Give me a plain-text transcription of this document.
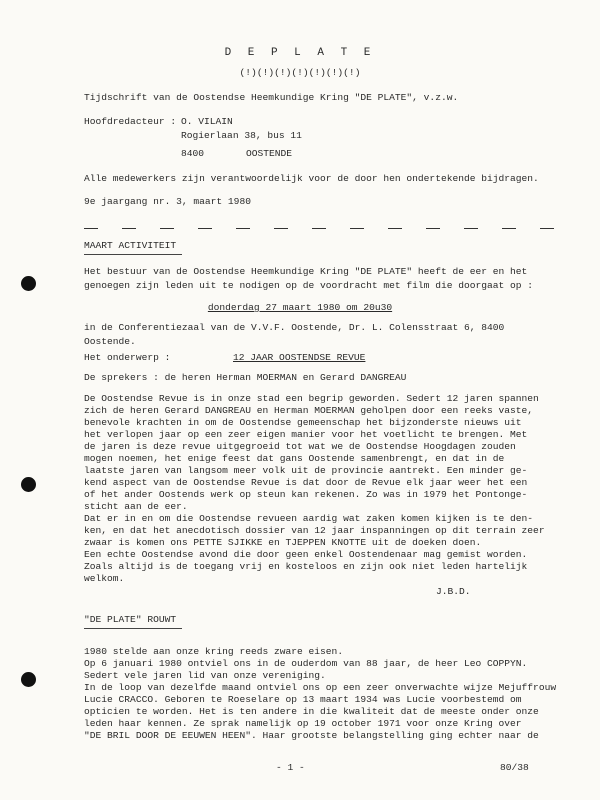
D E P L A T E
(!)(!)(!)(!)(!)(!)(!)
Tijdschrift van de Oostendse Heemkundige Kring "DE PLATE", v.z.w.
Hoofdredacteur : O. VILAIN
Rogierlaan 38, bus 11
8400	OOSTENDE
Alle medewerkers zijn verantwoordelijk voor de door hen ondertekende bijdragen.
9e jaargang nr. 3, maart 1980
MAART ACTIVITEIT
Het bestuur van de Oostendse Heemkundige Kring "DE PLATE" heeft de eer en het
genoegen zijn leden uit te nodigen op de voordracht met film die doorgaat op :
donderdag 27 maart 1980 om 20u30
in de Conferentiezaal van de V.V.F. Oostende, Dr. L. Colensstraat 6, 8400
Oostende.
Het onderwerp :	12 JAAR OOSTENDSE REVUE
De sprekers : de heren Herman MOERMAN en Gerard DANGREAU
De Oostendse Revue is in onze stad een begrip geworden. Sedert 12 jaren spannen
zich de heren Gerard DANGREAU en Herman MOERMAN geholpen door een reeks vaste,
benevole krachten in om de Oostendse gemeenschap het bijzonderste nieuws uit
het verlopen jaar op een zeer eigen manier voor het voetlicht te brengen. Met
de jaren is deze revue uitgegroeid tot wat we de Oostendse Hoogdagen zouden
mogen noemen, het enige feest dat gans Oostende samenbrengt, en dat in de
laatste jaren van langsom meer volk uit de provincie aantrekt. Een minder ge-
kend aspect van de Oostendse Revue is dat door de Revue elk jaar weer het een
of het ander Oostends werk op steun kan rekenen. Zo was in 1979 het Pontonge-
sticht aan de eer.
Dat er in en om die Oostendse revueen aardig wat zaken komen kijken is te den-
ken, en dat het anecdotisch dossier van 12 jaar inspanningen op dit terrain zeer
zwaar is komen ons PETTE SJIKKE en TJEPPEN KNOTTE uit de doeken doen.
Een echte Oostendse avond die door geen enkel Oostendenaar mag gemist worden.
Zoals altijd is de toegang vrij en kosteloos en zijn ook niet leden hartelijk
welkom.
J.B.D.
"DE PLATE" ROUWT
1980 stelde aan onze kring reeds zware eisen.
Op 6 januari 1980 ontviel ons in de ouderdom van 88 jaar, de heer Leo COPPYN.
Sedert vele jaren lid van onze vereniging.
In de loop van dezelfde maand ontviel ons op een zeer onverwachte wijze Mejuffrouw
Lucie CRACCO. Geboren te Roeselare op 13 maart 1934 was Lucie voorbestemd om
opticien te worden. Het is ten andere in die kwaliteit dat de meeste onder onze
leden haar kennen. Ze sprak namelijk op 19 october 1971 voor onze Kring over
"DE BRIL DOOR DE EEUWEN HEEN". Haar grootste belangstelling ging echter naar de
- 1 -	80/38
